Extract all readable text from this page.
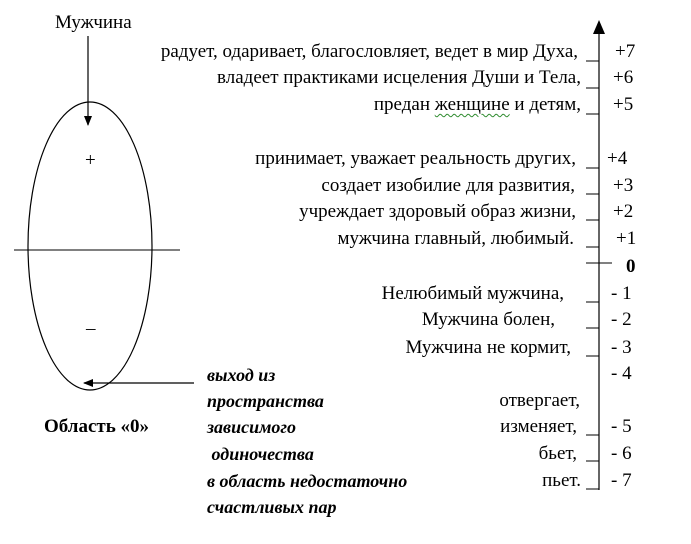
Мужчина
+
–
Область «0»
радует, одаривает, благословляет, ведет в мир Духа,
владеет практиками исцеления Души и Тела,
предан женщине и детям,
принимает, уважает реальность других,
создает изобилие для развития,
учреждает здоровый образ жизни,
мужчина главный, любимый.
+7
+6
+5
+4
+3
+2
+1
0
Нелюбимый мужчина,
Мужчина болен,
Мужчина не кормит,
отвергает,
изменяет,
бьет,
пьет.
- 1
- 2
- 3
- 4
- 5
- 6
- 7
выход из
пространства
зависимого
одиночества
в область недостаточно
счастливых пар
